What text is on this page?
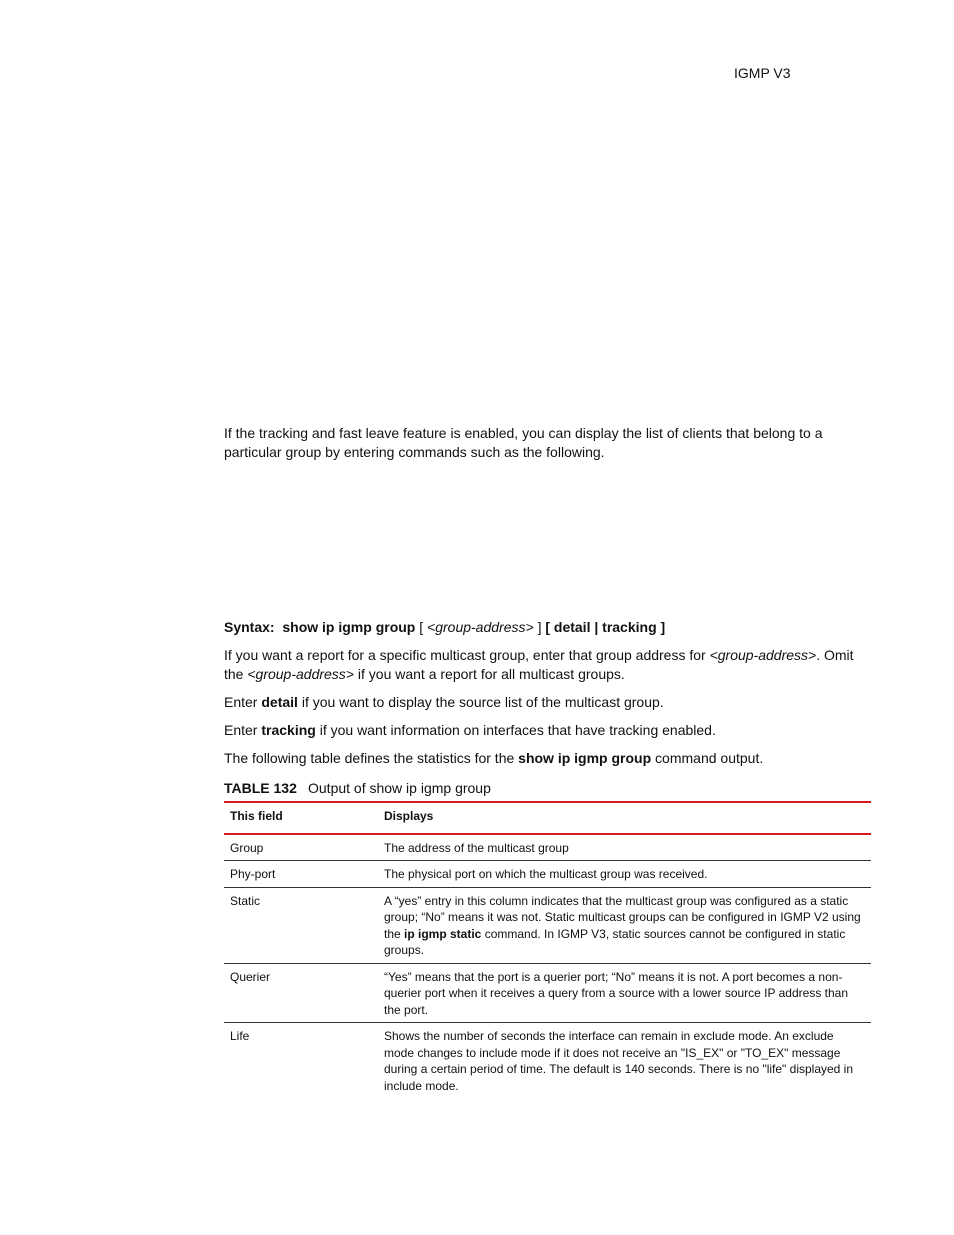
IGMP V3
If the tracking and fast leave feature is enabled, you can display the list of clients that belong to a particular group by entering commands such as the following.
Syntax: show ip igmp group [ <group-address> ] [ detail | tracking ]
If you want a report for a specific multicast group, enter that group address for <group-address>. Omit the <group-address> if you want a report for all multicast groups.
Enter detail if you want to display the source list of the multicast group.
Enter tracking if you want information on interfaces that have tracking enabled.
The following table defines the statistics for the show ip igmp group command output.
TABLE 132 Output of show ip igmp group
This field	Displays
Group	The address of the multicast group
Phy-port	The physical port on which the multicast group was received.
Static	A “yes” entry in this column indicates that the multicast group was configured as a static group; “No” means it was not. Static multicast groups can be configured in IGMP V2 using the ip igmp static command. In IGMP V3, static sources cannot be configured in static groups.
Querier	“Yes” means that the port is a querier port; “No” means it is not. A port becomes a non-querier port when it receives a query from a source with a lower source IP address than the port.
Life	Shows the number of seconds the interface can remain in exclude mode. An exclude mode changes to include mode if it does not receive an "IS_EX" or "TO_EX" message during a certain period of time. The default is 140 seconds. There is no "life" displayed in include mode.
